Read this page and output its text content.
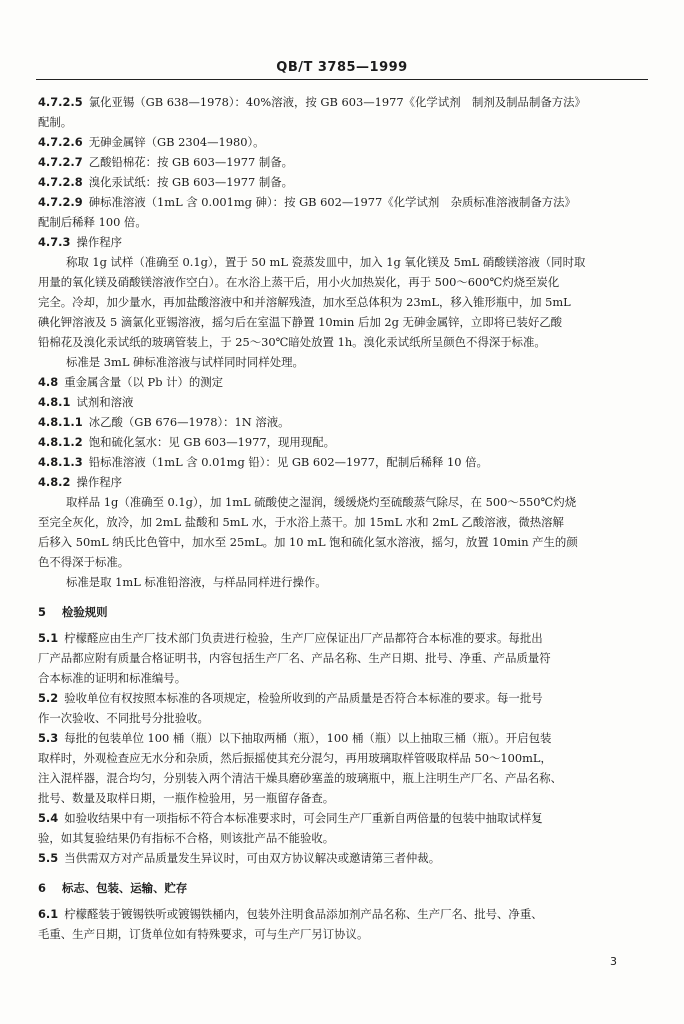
QB/T 3785—1999
4.7.2.5 氯化亚锡（GB 638—1978）：40%溶液，按 GB 603—1977《化学试剂　制剂及制品制备方法》
配制。
4.7.2.6 无砷金属锌（GB 2304—1980）。
4.7.2.7 乙酸铅棉花：按 GB 603—1977 制备。
4.7.2.8 溴化汞试纸：按 GB 603—1977 制备。
4.7.2.9 砷标准溶液（1mL 含 0.001mg 砷）：按 GB 602—1977《化学试剂　杂质标准溶液制备方法》
配制后稀释 100 倍。
4.7.3 操作程序
称取 1g 试样（准确至 0.1g），置于 50 mL 瓷蒸发皿中，加入 1g 氧化镁及 5mL 硝酸镁溶液（同时取
用量的氧化镁及硝酸镁溶液作空白）。在水浴上蒸干后，用小火加热炭化，再于 500～600℃灼烧至炭化
完全。冷却，加少量水，再加盐酸溶液中和并溶解残渣，加水至总体积为 23mL，移入锥形瓶中，加 5mL
碘化钾溶液及 5 滴氯化亚锡溶液，摇匀后在室温下静置 10min 后加 2g 无砷金属锌，立即将已装好乙酸
铅棉花及溴化汞试纸的玻璃管装上，于 25～30℃暗处放置 1h。溴化汞试纸所呈颜色不得深于标准。
标准是 3mL 砷标准溶液与试样同时同样处理。
4.8 重金属含量（以 Pb 计）的测定
4.8.1 试剂和溶液
4.8.1.1 冰乙酸（GB 676—1978）：1N 溶液。
4.8.1.2 饱和硫化氢水：见 GB 603—1977，现用现配。
4.8.1.3 铅标准溶液（1mL 含 0.01mg 铅）：见 GB 602—1977，配制后稀释 10 倍。
4.8.2 操作程序
取样品 1g（准确至 0.1g），加 1mL 硫酸使之湿润，缓缓烧灼至硫酸蒸气除尽，在 500～550℃灼烧
至完全灰化，放冷，加 2mL 盐酸和 5mL 水，于水浴上蒸干。加 15mL 水和 2mL 乙酸溶液，微热溶解
后移入 50mL 纳氏比色管中，加水至 25mL。加 10 mL 饱和硫化氢水溶液，摇匀，放置 10min 产生的颜
色不得深于标准。
标准是取 1mL 标准铅溶液，与样品同样进行操作。
5 检验规则
5.1 柠檬醛应由生产厂技术部门负责进行检验，生产厂应保证出厂产品都符合本标准的要求。每批出
厂产品都应附有质量合格证明书，内容包括生产厂名、产品名称、生产日期、批号、净重、产品质量符
合本标准的证明和标准编号。
5.2 验收单位有权按照本标准的各项规定，检验所收到的产品质量是否符合本标准的要求。每一批号
作一次验收、不同批号分批验收。
5.3 每批的包装单位 100 桶（瓶）以下抽取两桶（瓶），100 桶（瓶）以上抽取三桶（瓶）。开启包装
取样时，外观检查应无水分和杂质，然后振摇使其充分混匀，再用玻璃取样管吸取样品 50～100mL，
注入混样器，混合均匀，分别装入两个清洁干燥具磨砂塞盖的玻璃瓶中，瓶上注明生产厂名、产品名称、
批号、数量及取样日期，一瓶作检验用，另一瓶留存备查。
5.4 如验收结果中有一项指标不符合本标准要求时，可会同生产厂重新自两倍量的包装中抽取试样复
验，如其复验结果仍有指标不合格，则该批产品不能验收。
5.5 当供需双方对产品质量发生异议时，可由双方协议解决或邀请第三者仲裁。
6 标志、包装、运输、贮存
6.1 柠檬醛装于镀锡铁听或镀锡铁桶内，包装外注明食品添加剂产品名称、生产厂名、批号、净重、
毛重、生产日期，订货单位如有特殊要求，可与生产厂另订协议。
3
